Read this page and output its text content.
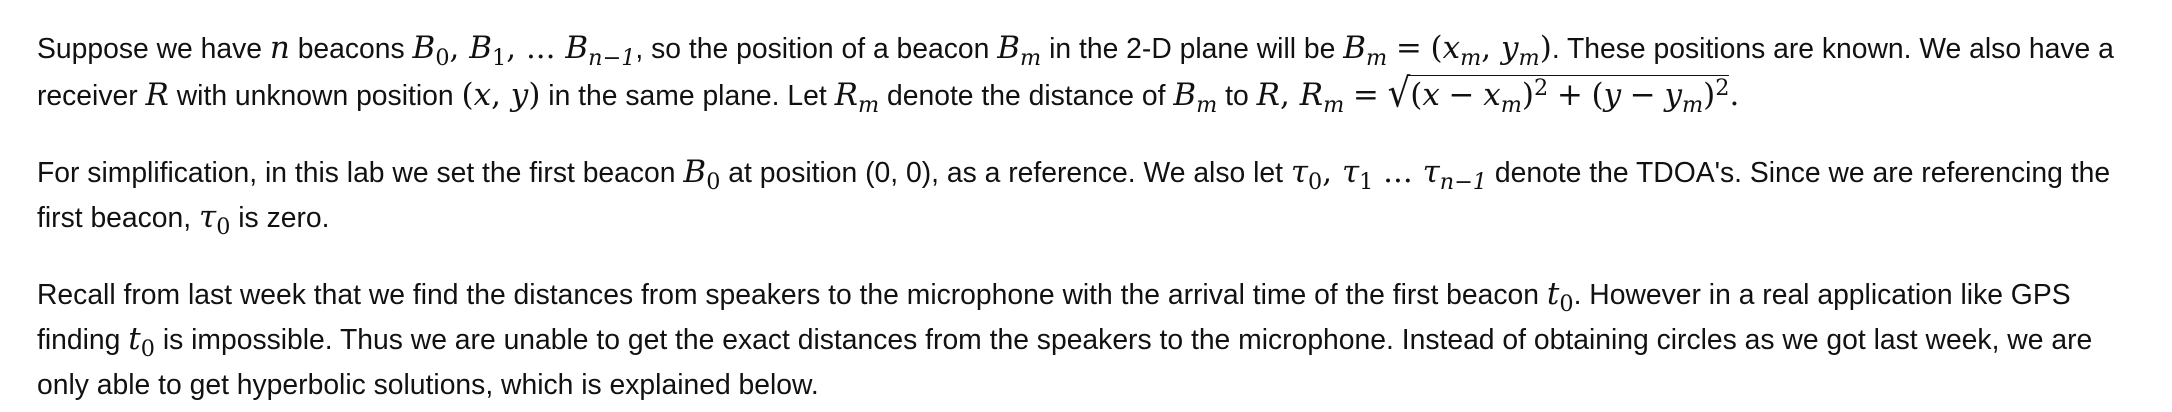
Suppose we have n beacons $B_0$, $B_1$, ... $B_{n-1}$, so the position of a beacon $B_m$ in the 2-D plane will be $B_m = (x_m$, $y_m$). These positions are known. We also have a receiver R with unknown position (x, y) in the same plane. Let $R_m$ denote the distance of $B_m$ to R, $R_m = √(x - x_m)^2 + (y - y_m)^2$.

For simplification, in this lab we set the first beacon $B_0$ at position (0, 0), as a reference. We also let $\tau_0$, $\tau_1$ ... $\tau_{n-1}$ denote the TDOA's. Since we are referencing the first beacon, $\tau_0$ is zero.

Recall from last week that we find the distances from speakers to the microphone with the arrival time of the first beacon $t_0$. However in a real application like GPS finding $t_0$ is impossible. Thus we are unable to get the exact distances from the speakers to the microphone. Instead of obtaining circles as we got last week, we are only able to get hyperbolic solutions, which is explained below.
